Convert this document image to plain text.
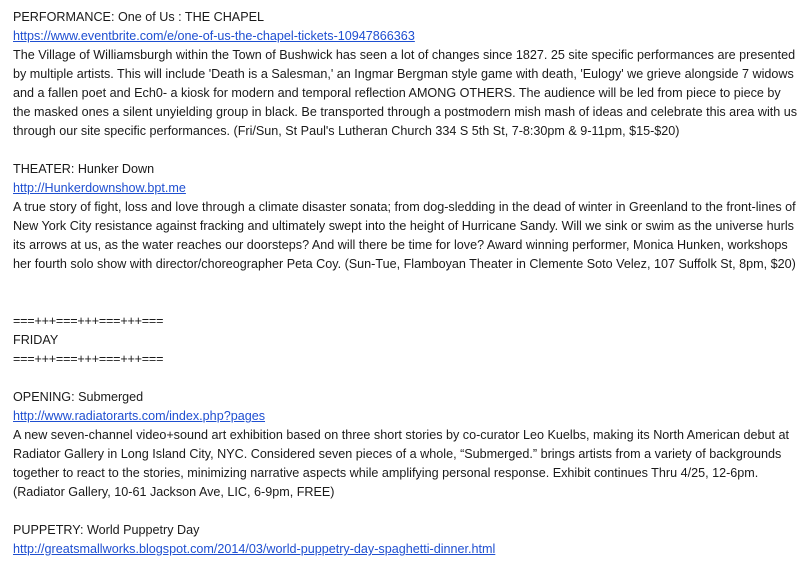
PERFORMANCE: One of Us : THE CHAPEL
https://www.eventbrite.com/e/one-of-us-the-chapel-tickets-10947866363
The Village of Williamsburgh within the Town of Bushwick has seen a lot of changes since 1827. 25 site specific performances are presented by multiple artists. This will include 'Death is a Salesman,' an Ingmar Bergman style game with death, 'Eulogy' we grieve alongside 7 widows and a fallen poet and Ech0- a kiosk for modern and temporal reflection AMONG OTHERS. The audience will be led from piece to piece by the masked ones a silent unyielding group in black. Be transported through a postmodern mish mash of ideas and celebrate this area with us through our site specific performances. (Fri/Sun, St Paul's Lutheran Church 334 S 5th St, 7-8:30pm & 9-11pm, $15-$20)
THEATER: Hunker Down
http://Hunkerdownshow.bpt.me
A true story of fight, loss and love through a climate disaster sonata; from dog-sledding in the dead of winter in Greenland to the front-lines of New York City resistance against fracking and ultimately swept into the height of Hurricane Sandy. Will we sink or swim as the universe hurls its arrows at us, as the water reaches our doorsteps? And will there be time for love? Award winning performer, Monica Hunken, workshops her fourth solo show with director/choreographer Peta Coy. (Sun-Tue, Flamboyan Theater in Clemente Soto Velez, 107 Suffolk St, 8pm, $20)
===+++===+++===+++===
FRIDAY
===+++===+++===+++===
OPENING: Submerged
http://www.radiatorarts.com/index.php?pages
A new seven-channel video+sound art exhibition based on three short stories by co-curator Leo Kuelbs, making its North American debut at Radiator Gallery in Long Island City, NYC. Considered seven pieces of a whole, “Submerged.” brings artists from a variety of backgrounds together to react to the stories, minimizing narrative aspects while amplifying personal response. Exhibit continues Thru 4/25, 12-6pm. (Radiator Gallery, 10-61 Jackson Ave, LIC, 6-9pm, FREE)
PUPPETRY: World Puppetry Day
http://greatsmallworks.blogspot.com/2014/03/world-puppetry-day-spaghetti-dinner.html
